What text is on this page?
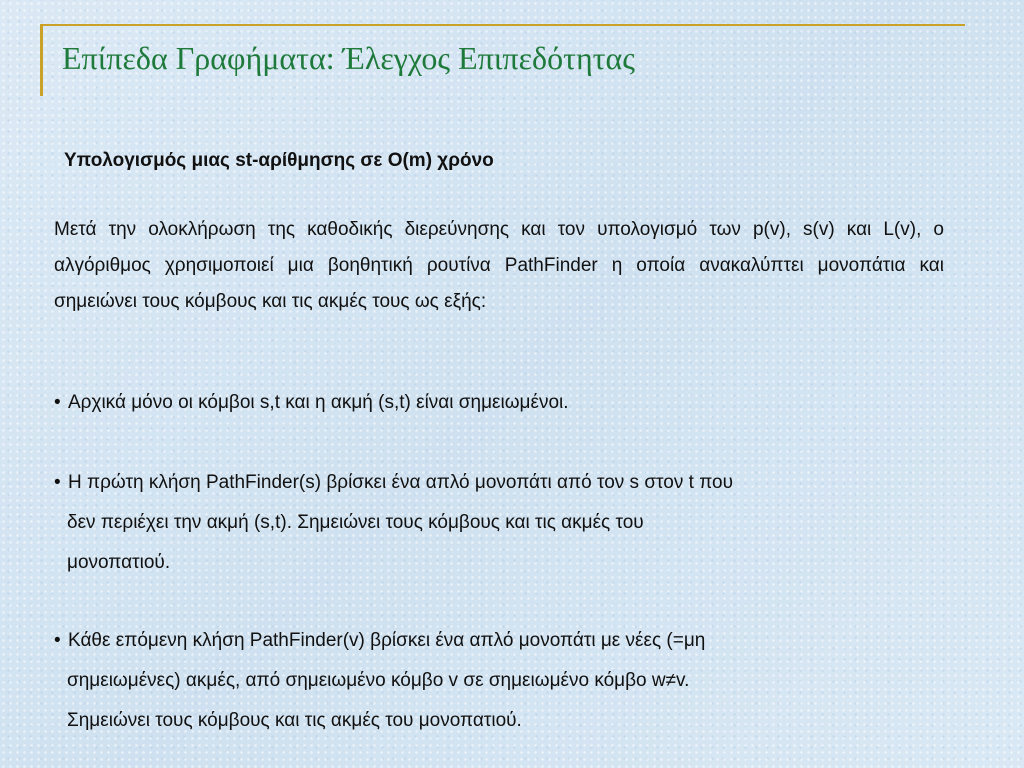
Επίπεδα Γραφήματα: Έλεγχος Επιπεδότητας

Υπολογισμός μιας st-αρίθμησης σε O(m) χρόνο

Μετά την ολοκλήρωση της καθοδικής διερεύνησης και τον υπολογισμό των p(v), s(v) και L(v), ο αλγόριθμος χρησιμοποιεί μια βοηθητική ρουτίνα PathFinder η οποία ανακαλύπτει μονοπάτια και σημειώνει τους κόμβους και τις ακμές τους ως εξής:

• Αρχικά μόνο οι κόμβοι s,t και η ακμή (s,t) είναι σημειωμένοι.
• Η πρώτη κλήση PathFinder(s) βρίσκει ένα απλό μονοπάτι από τον s στον t που
δεν περιέχει την ακμή (s,t). Σημειώνει τους κόμβους και τις ακμές του
μονοπατιού.
• Κάθε επόμενη κλήση PathFinder(v) βρίσκει ένα απλό μονοπάτι με νέες (=μη
σημειωμένες) ακμές, από σημειωμένο κόμβο v σε σημειωμένο κόμβο w≠v.
Σημειώνει τους κόμβους και τις ακμές του μονοπατιού.
